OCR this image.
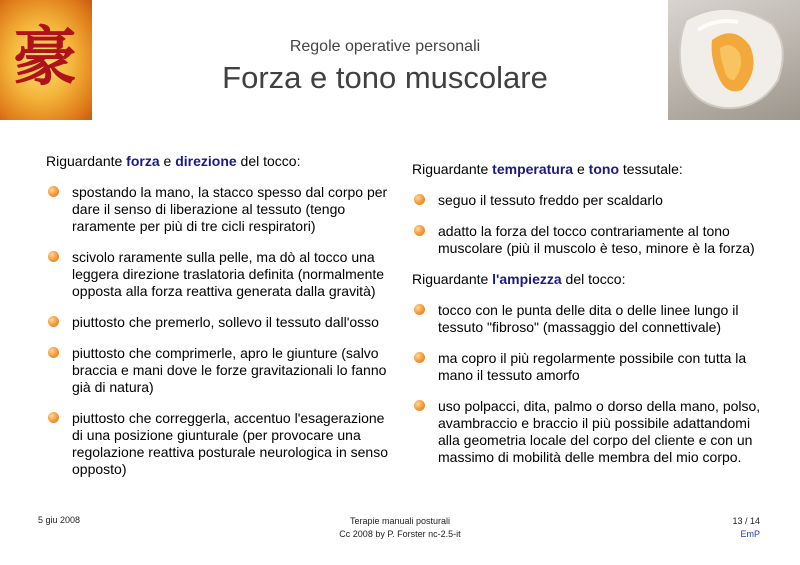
豪	Regole operative personali
Forza e tono muscolare

Riguardante forza e direzione del tocco:

spostando la mano, la stacco spesso dal corpo per dare il senso di liberazione al tessuto (tengo raramente per più di tre cicli respiratori)
scivolo raramente sulla pelle, ma dò al tocco una leggera direzione traslatoria definita (normalmente opposta alla forza reattiva generata dalla gravità)
piuttosto che premerlo, sollevo il tessuto dall'osso
piuttosto che comprimerle, apro le giunture (salvo braccia e mani dove le forze gravitazionali lo fanno già di natura)
piuttosto che correggerla, accentuo l'esagerazione di una posizione giunturale (per provocare una regolazione reattiva posturale neurologica in senso opposto)

Riguardante temperatura e tono tessutale:

seguo il tessuto freddo per scaldarlo
adatto la forza del tocco contrariamente al tono muscolare (più il muscolo è teso, minore è la forza)

Riguardante l'ampiezza del tocco:

tocco con le punta delle dita o delle linee lungo il tessuto "fibroso" (massaggio del connettivale)
ma copro il più regolarmente possibile con tutta la mano il tessuto amorfo
uso polpacci, dita, palmo o dorso della mano, polso, avambraccio e braccio il più possibile adattandomi alla geometria locale del corpo del cliente e con un massimo di mobilità delle membra del mio corpo.
5 giu 2008	Terapie manuali posturali
Cc 2008 by P. Forster nc-2.5-it
13 / 14
EmP
